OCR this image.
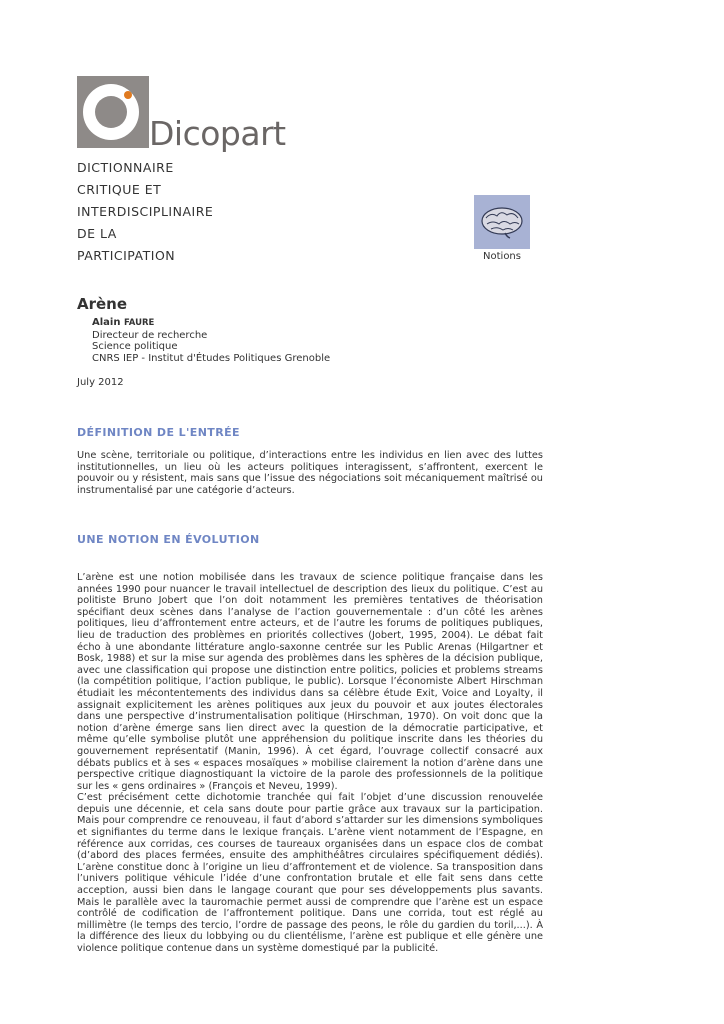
Dicopart
DICTIONNAIRE
CRITIQUE ET
INTERDISCIPLINAIRE
DE LA
PARTICIPATION	Notions
Arène
Alain FAURE
Directeur de recherche
Science politique
CNRS IEP - Institut d'Études Politiques Grenoble
July 2012
DÉFINITION DE L'ENTRÉE

Une scène, territoriale ou politique, d’interactions entre les individus en lien avec des luttes institutionnelles, un lieu où les acteurs politiques interagissent, s’affrontent, exercent le pouvoir ou y résistent, mais sans que l’issue des négociations soit mécaniquement maîtrisé ou instrumentalisé par une catégorie d’acteurs.

UNE NOTION EN ÉVOLUTION

L’arène est une notion mobilisée dans les travaux de science politique française dans les années 1990 pour nuancer le travail intellectuel de description des lieux du politique. C’est au politiste Bruno Jobert que l’on doit notamment les premières tentatives de théorisation spécifiant deux scènes dans l’analyse de l’action gouvernementale : d’un côté les arènes politiques, lieu d’affrontement entre acteurs, et de l’autre les forums de politiques publiques, lieu de traduction des problèmes en priorités collectives (Jobert, 1995, 2004). Le débat fait écho à une abondante littérature anglo-saxonne centrée sur les Public Arenas (Hilgartner et Bosk, 1988) et sur la mise sur agenda des problèmes dans les sphères de la décision publique, avec une classification qui propose une distinction entre politics, policies et problems streams (la compétition politique, l’action publique, le public). Lorsque l’économiste Albert Hirschman étudiait les mécontentements des individus dans sa célèbre étude Exit, Voice and Loyalty, il assignait explicitement les arènes politiques aux jeux du pouvoir et aux joutes électorales dans une perspective d’instrumentalisation politique (Hirschman, 1970). On voit donc que la notion d’arène émerge sans lien direct avec la question de la démocratie participative, et même qu’elle symbolise plutôt une appréhension du politique inscrite dans les théories du gouvernement représentatif (Manin, 1996). À cet égard, l’ouvrage collectif consacré aux débats publics et à ses « espaces mosaïques » mobilise clairement la notion d’arène dans une perspective critique diagnostiquant la victoire de la parole des professionnels de la politique sur les « gens ordinaires » (François et Neveu, 1999).

C’est précisément cette dichotomie tranchée qui fait l’objet d’une discussion renouvelée depuis une décennie, et cela sans doute pour partie grâce aux travaux sur la participation. Mais pour comprendre ce renouveau, il faut d’abord s’attarder sur les dimensions symboliques et signifiantes du terme dans le lexique français. L’arène vient notamment de l’Espagne, en référence aux corridas, ces courses de taureaux organisées dans un espace clos de combat (d’abord des places fermées, ensuite des amphithéâtres circulaires spécifiquement dédiés). L’arène constitue donc à l’origine un lieu d’affrontement et de violence. Sa transposition dans l’univers politique véhicule l’idée d’une confrontation brutale et elle fait sens dans cette acception, aussi bien dans le langage courant que pour ses développements plus savants. Mais le parallèle avec la tauromachie permet aussi de comprendre que l’arène est un espace contrôlé de codification de l’affrontement politique. Dans une corrida, tout est réglé au millimètre (le temps des tercio, l’ordre de passage des peons, le rôle du gardien du toril,...). À la différence des lieux du lobbying ou du clientélisme, l’arène est publique et elle génère une violence politique contenue dans un système domestiqué par la publicité.
